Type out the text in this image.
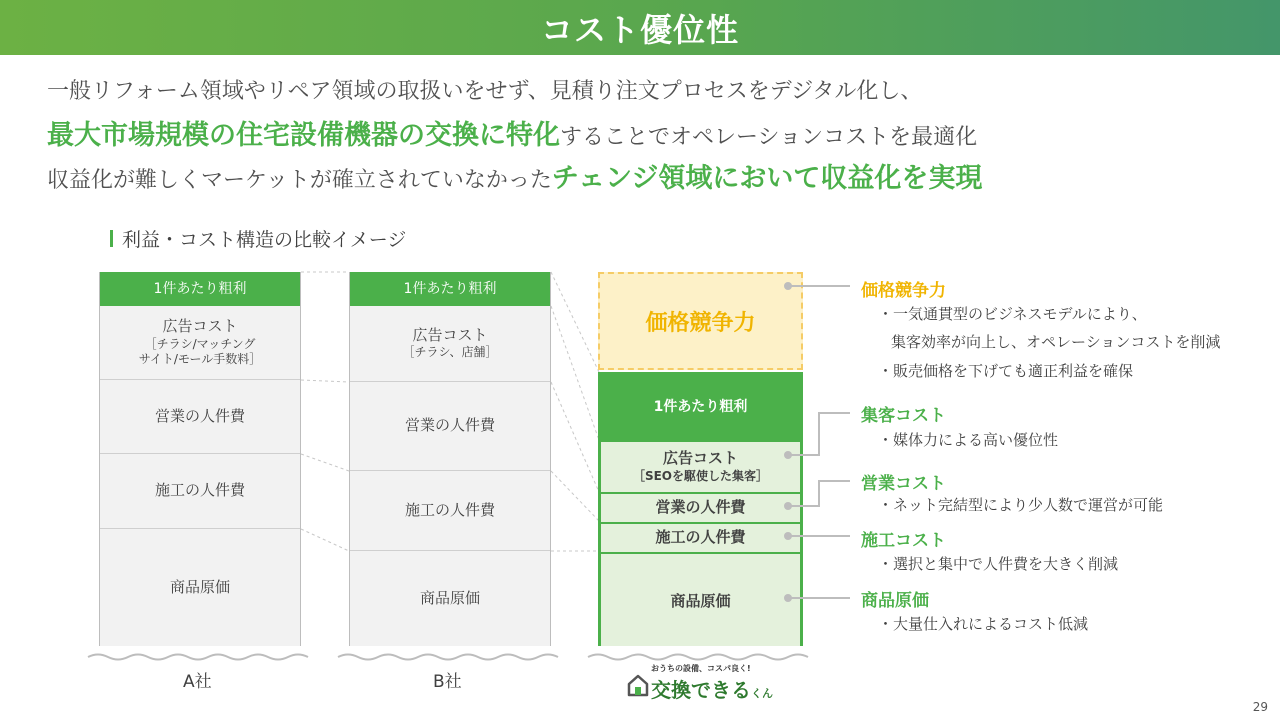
コスト優位性
一般リフォーム領域やリペア領域の取扱いをせず、見積り注文プロセスをデジタル化し、
最大市場規模の住宅設備機器の交換に特化することでオペレーションコストを最適化
収益化が難しくマーケットが確立されていなかったチェンジ領域において収益化を実現
利益・コスト構造の比較イメージ
1件あたり粗利
広告コスト
［チラシ/マッチング
サイト/モール手数料］
営業の人件費
施工の人件費
商品原価
1件あたり粗利
広告コスト
［チラシ、店舗］
営業の人件費
施工の人件費
商品原価
価格競争力
1件あたり粗利
広告コスト
［SEOを駆使した集客］
営業の人件費
施工の人件費
商品原価
価格競争力
・一気通貫型のビジネスモデルにより、
集客効率が向上し、オペレーションコストを削減
・販売価格を下げても適正利益を確保
集客コスト
・媒体力による高い優位性
営業コスト
・ネット完結型により少人数で運営が可能
施工コスト
・選択と集中で人件費を大きく削減
商品原価
・大量仕入れによるコスト低減
A社	B社
おうちの設備、コスパ良く!
交換できるくん
29
